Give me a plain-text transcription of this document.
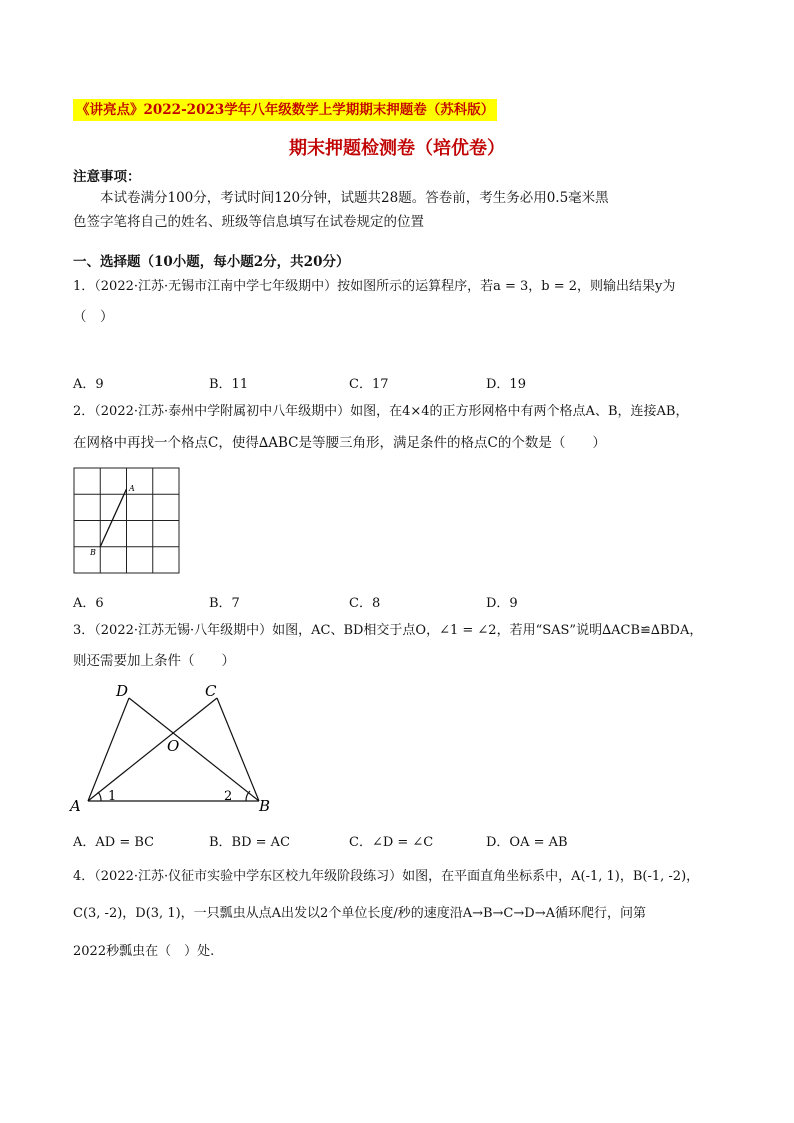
《讲亮点》2022-2023学年八年级数学上学期期末押题卷（苏科版）
期末押题检测卷（培优卷）
注意事项：
本试卷满分100分，考试时间120分钟，试题共28题。答卷前，考生务必用0.5毫米黑
色签字笔将自己的姓名、班级等信息填写在试卷规定的位置
一、选择题（10小题，每小题2分，共20分）
1．（2022·江苏·无锡市江南中学七年级期中）按如图所示的运算程序，若a = 3，b = 2，则输出结果y为
（　）
A．9	B．11	C．17	D．19
2．（2022·江苏·泰州中学附属初中八年级期中）如图，在4×4的正方形网格中有两个格点A、B，连接AB，
在网格中再找一个格点C，使得∆ABC是等腰三角形，满足条件的格点C的个数是（　　）
A
B
A．6	B．7	C．8	D．9
3．（2022·江苏无锡·八年级期中）如图，AC、BD相交于点O，∠1 = ∠2，若用“SAS”说明∆ACB≌∆BDA，
则还需要加上条件（　　）
D	C
O
A	B
1	2
A．AD = BC	B．BD = AC	C．∠D = ∠C	D．OA = AB
4．（2022·江苏·仪征市实验中学东区校九年级阶段练习）如图，在平面直角坐标系中，A(-1, 1)，B(-1, -2)，
C(3, -2)，D(3, 1)，一只瓢虫从点A出发以2个单位长度/秒的速度沿A→B→C→D→A循环爬行，问第
2022秒瓢虫在（　）处.
